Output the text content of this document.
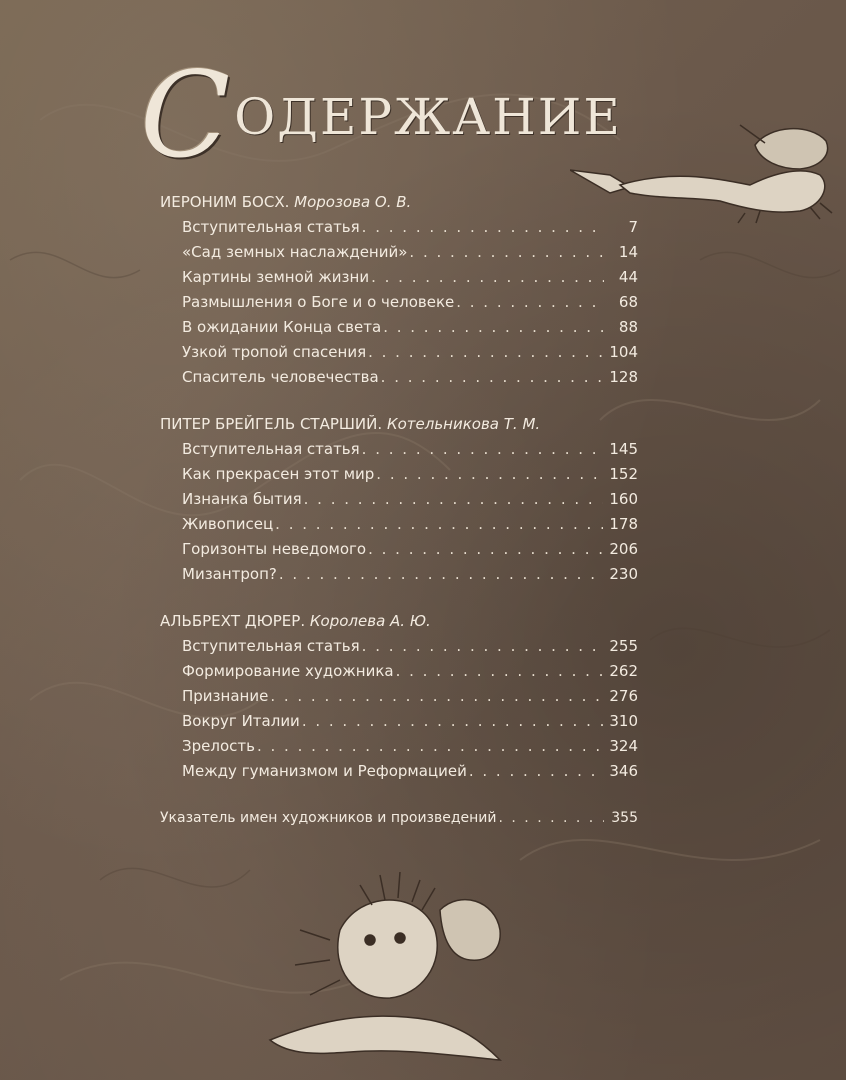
С ОДЕРЖАНИЕ
ИЕРОНИМ БОСХ. Морозова О. В.
Вступительная статья . . .	7
«Сад земных наслаждений» . . .	14
Картины земной жизни . . .	44
Размышления о Боге и о человеке . . .	68
В ожидании Конца света . . .	88
Узкой тропой спасения . . .	104
Спаситель человечества . . .	128
ПИТЕР БРЕЙГЕЛЬ СТАРШИЙ. Котельникова Т. М.
Вступительная статья . . .	145
Как прекрасен этот мир . . .	152
Изнанка бытия . . .	160
Живописец . . .	178
Горизонты неведомого . . .	206
Мизантроп? . . .	230
АЛЬБРЕХТ ДЮРЕР. Королева А. Ю.
Вступительная статья . . .	255
Формирование художника . . .	262
Признание . . .	276
Вокруг Италии . . .	310
Зрелость . . .	324
Между гуманизмом и Реформацией . . .	346
Указатель имен художников и произведений . . .	355
